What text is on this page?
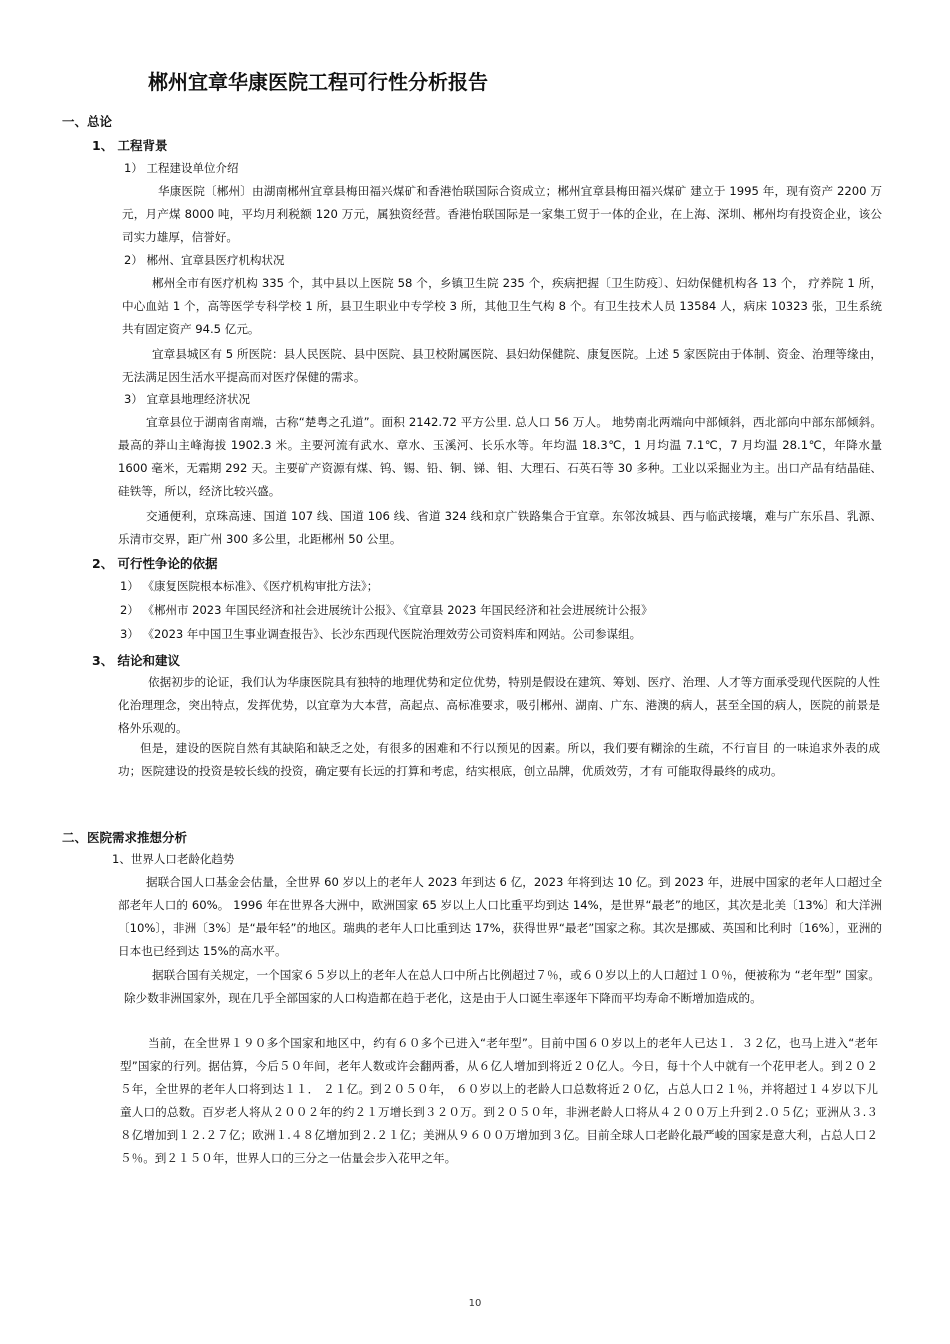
郴州宜章华康医院工程可行性分析报告
一、总论
1、 工程背景
1） 工程建设单位介绍
华康医院〔郴州〕由湖南郴州宜章县梅田福兴煤矿和香港怡联国际合资成立；郴州宜章县梅田福兴煤矿 建立于 1995 年，现有资产 2200 万元，月产煤 8000 吨，平均月利税额 120 万元，属独资经营。香港怡联国际是一家集工贸于一体的企业，在上海、深圳、郴州均有投资企业，该公司实力雄厚，信誉好。
2） 郴州、宜章县医疗机构状况
郴州全市有医疗机构 335 个，其中县以上医院 58 个，乡镇卫生院 235 个，疾病把握〔卫生防疫〕、妇幼保健机构各 13 个， 疗养院 1 所，中心血站 1 个，高等医学专科学校 1 所，县卫生职业中专学校 3 所，其他卫生气构 8 个。有卫生技术人员 13584 人，病床 10323 张，卫生系统共有固定资产 94.5 亿元。
宜章县城区有 5 所医院：县人民医院、县中医院、县卫校附属医院、县妇幼保健院、康复医院。上述 5 家医院由于体制、资金、治理等缘由，无法满足因生活水平提高而对医疗保健的需求。
3） 宜章县地理经济状况
宜章县位于湖南省南端，古称“楚粤之孔道”。面积 2142.72 平方公里. 总人口 56 万人。 地势南北两端向中部倾斜，西北部向中部东部倾斜。最高的莽山主峰海拔 1902.3 米。主要河流有武水、章水、玉溪河、长乐水等。年均温 18.3℃，1 月均温 7.1℃，7 月均温 28.1℃，年降水量 1600 毫米，无霜期 292 天。主要矿产资源有煤、钨、锡、铅、铜、锑、钼、大理石、石英石等 30 多种。工业以采掘业为主。出口产品有结晶硅、硅铁等，所以，经济比较兴盛。
交通便利，京珠高速、国道 107 线、国道 106 线、省道 324 线和京广铁路集合于宜章。东邻汝城县、西与临武接壤，难与广东乐昌、乳源、乐清市交界，距广州 300 多公里，北距郴州 50 公里。
2、 可行性争论的依据
1） 《康复医院根本标准》、《医疗机构审批方法》；
2） 《郴州市 2023 年国民经济和社会进展统计公报》、《宜章县 2023 年国民经济和社会进展统计公报》
3） 《2023 年中国卫生事业调查报告》、长沙东西现代医院治理效劳公司资料库和网站。公司参谋组。
3、 结论和建议
依据初步的论证，我们认为华康医院具有独特的地理优势和定位优势，特别是假设在建筑、筹划、医疗、治理、人才等方面承受现代医院的人性化治理理念，突出特点，发挥优势，以宜章为大本营，高起点、高标准要求，吸引郴州、湖南、广东、港澳的病人，甚至全国的病人，医院的前景是格外乐观的。
但是，建设的医院自然有其缺陷和缺乏之处，有很多的困难和不行以预见的因素。所以，我们要有糊涂的生疏，不行盲目 的一味追求外表的成功；医院建设的投资是较长线的投资，确定要有长远的打算和考虑，结实根底，创立品牌，优质效劳，才有 可能取得最终的成功。
二、医院需求推想分析
1、世界人口老龄化趋势
据联合国人口基金会估量，全世界 60 岁以上的老年人 2023 年到达 6 亿，2023 年将到达 10 亿。到 2023 年，进展中国家的老年人口超过全部老年人口的 60%。 1996 年在世界各大洲中，欧洲国家 65 岁以上人口比重平均到达 14%，是世界“最老”的地区，其次是北美〔13%〕和大洋洲〔10%〕，非洲〔3%〕是“最年轻”的地区。瑞典的老年人口比重到达 17%，获得世界“最老”国家之称。其次是挪威、英国和比利时〔16%〕，亚洲的日本也已经到达 15%的高水平。
据联合国有关规定，一个国家６５岁以上的老年人在总人口中所占比例超过７％，或６０岁以上的人口超过１０％，便被称为 “老年型” 国家。除少数非洲国家外，现在几乎全部国家的人口构造都在趋于老化，这是由于人口诞生率逐年下降而平均寿命不断增加造成的。
当前，在全世界１９０多个国家和地区中，约有６０多个已进入“老年型”。目前中国６０岁以上的老年人已达１．３２亿，也马上进入“老年型”国家的行列。据估算，今后５０年间，老年人数或许会翻两番，从６亿人增加到将近２０亿人。今日，每十个人中就有一个花甲老人。到２０２５年，全世界的老年人口将到达１１． ２１亿。到２０５０年， ６０岁以上的老龄人口总数将近２０亿，占总人口２１％，并将超过１４岁以下儿童人口的总数。百岁老人将从２００２年的约２１万增长到３２０万。到２０５０年，非洲老龄人口将从４２００万上升到２.０５亿；亚洲从３.３８亿增加到１２.２７亿；欧洲１.４８亿增加到２.２１亿；美洲从９６００万增加到３亿。目前全球人口老龄化最严峻的国家是意大利，占总人口２５％。到２１５０年，世界人口的三分之一估量会步入花甲之年。
10
